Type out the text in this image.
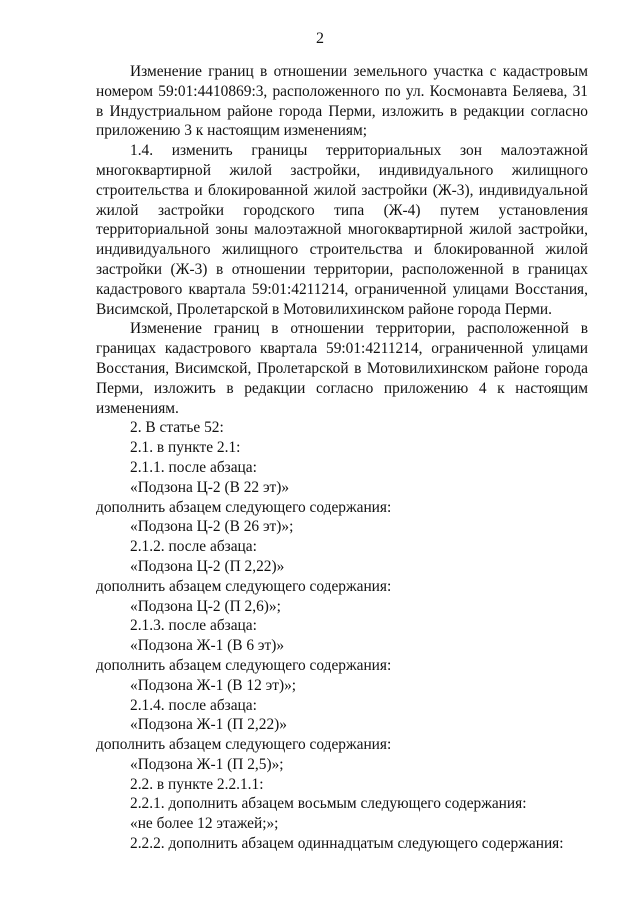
2

Изменение границ в отношении земельного участка с кадастровым номером 59:01:4410869:3, расположенного по ул. Космонавта Беляева, 31 в Индустриальном районе города Перми, изложить в редакции согласно приложению 3 к настоящим изменениям;

1.4. изменить границы территориальных зон малоэтажной многоквартирной жилой застройки, индивидуального жилищного строительства и блокированной жилой застройки (Ж-3), индивидуальной жилой застройки городского типа (Ж-4) путем установления территориальной зоны малоэтажной многоквартирной жилой застройки, индивидуального жилищного строительства и блокированной жилой застройки (Ж-3) в отношении территории, расположенной в границах кадастрового квартала 59:01:4211214, ограниченной улицами Восстания, Висимской, Пролетарской в Мотовилихинском районе города Перми.

Изменение границ в отношении территории, расположенной в границах кадастрового квартала 59:01:4211214, ограниченной улицами Восстания, Висимской, Пролетарской в Мотовилихинском районе города Перми, изложить в редакции согласно приложению 4 к настоящим изменениям.

2. В статье 52:

2.1. в пункте 2.1:

2.1.1. после абзаца:

«Подзона Ц-2 (В 22 эт)»

дополнить абзацем следующего содержания:

«Подзона Ц-2 (В 26 эт)»;

2.1.2. после абзаца:

«Подзона Ц-2 (П 2,22)»

дополнить абзацем следующего содержания:

«Подзона Ц-2 (П 2,6)»;

2.1.3. после абзаца:

«Подзона Ж-1 (В 6 эт)»

дополнить абзацем следующего содержания:

«Подзона Ж-1 (В 12 эт)»;

2.1.4. после абзаца:

«Подзона Ж-1 (П 2,22)»

дополнить абзацем следующего содержания:

«Подзона Ж-1 (П 2,5)»;

2.2. в пункте 2.2.1.1:

2.2.1. дополнить абзацем восьмым следующего содержания:

«не более 12 этажей;»;

2.2.2. дополнить абзацем одиннадцатым следующего содержания:
